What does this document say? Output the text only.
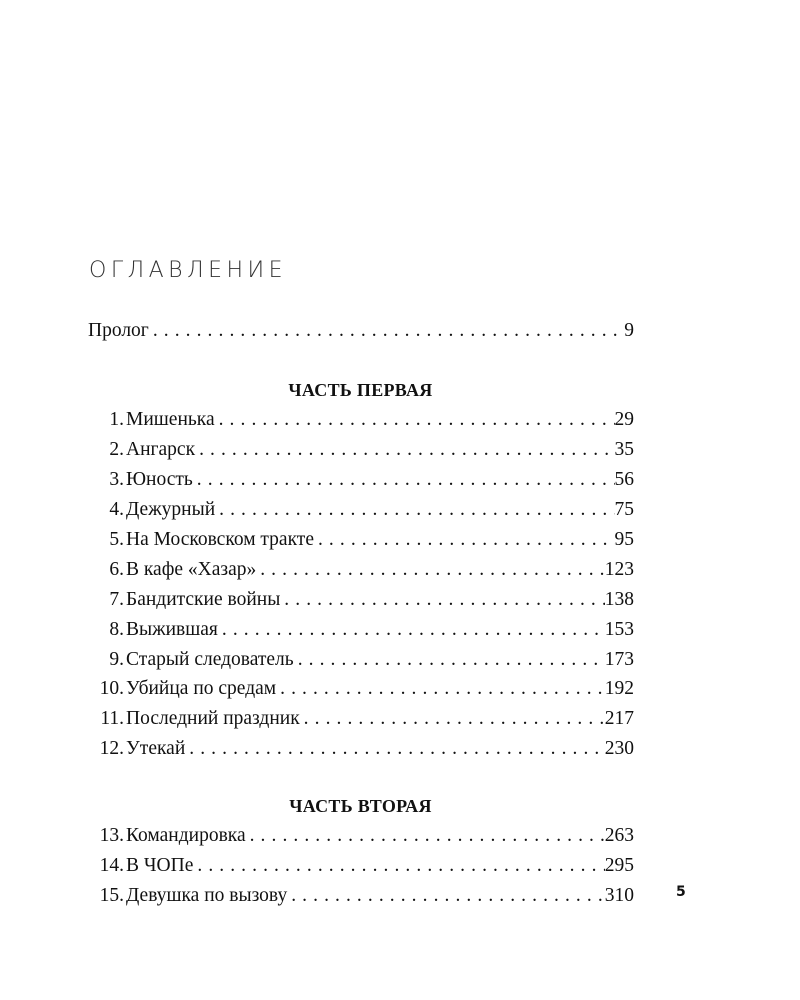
ОГЛАВЛЕНИЕ
Пролог . . .	9
ЧАСТЬ ПЕРВАЯ
1. Мишенька . . .	29
2. Ангарск . . .	35
3. Юность . . .	56
4. Дежурный . . .	75
5. На Московском тракте . . .	95
6. В кафе «Хазар» . . .	123
7. Бандитские войны . . .	138
8. Выжившая . . .	153
9. Старый следователь . . .	173
10. Убийца по средам . . .	192
11. Последний праздник . . .	217
12. Утекай . . .	230
ЧАСТЬ ВТОРАЯ
13. Командировка . . .	263
14. В ЧОПе . . .	295
15. Девушка по вызову . . .	310	5
